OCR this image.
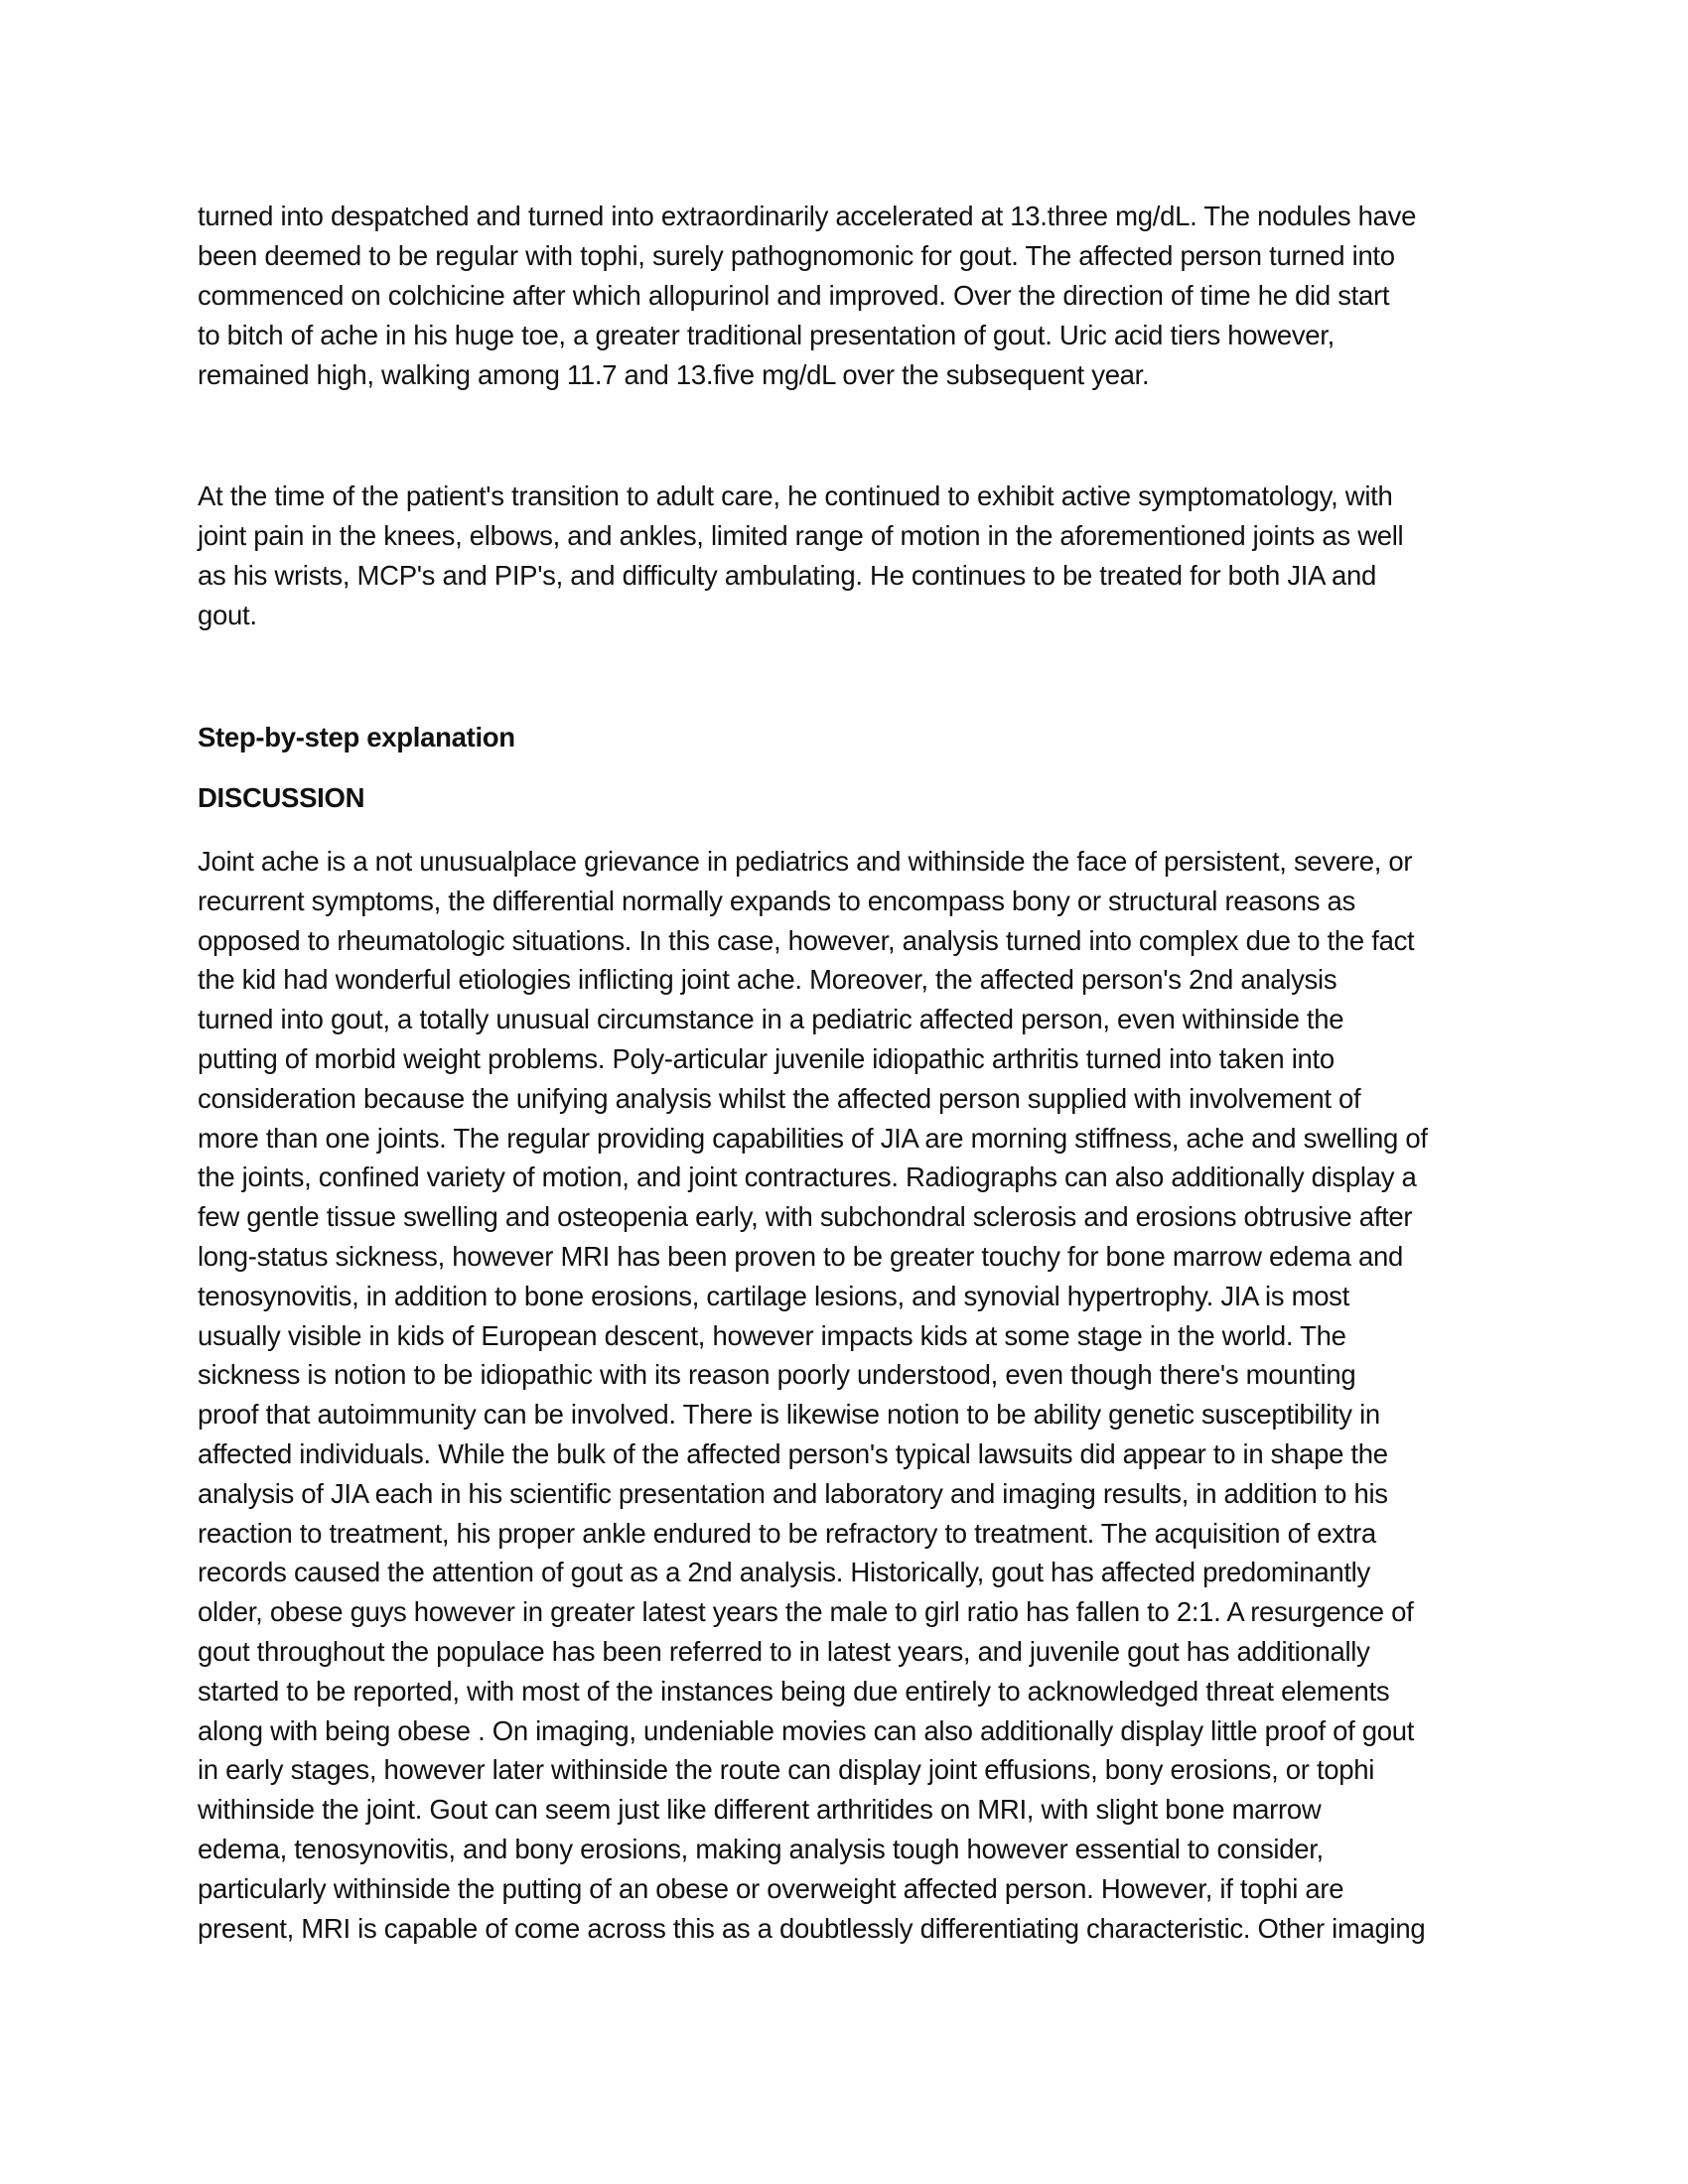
turned into despatched and turned into extraordinarily accelerated at 13.three mg/dL. The nodules have
been deemed to be regular with tophi, surely pathognomonic for gout. The affected person turned into
commenced on colchicine after which allopurinol and improved. Over the direction of time he did start
to bitch of ache in his huge toe, a greater traditional presentation of gout. Uric acid tiers however,
remained high, walking among 11.7 and 13.five mg/dL over the subsequent year.
At the time of the patient's transition to adult care, he continued to exhibit active symptomatology, with
joint pain in the knees, elbows, and ankles, limited range of motion in the aforementioned joints as well
as his wrists, MCP's and PIP's, and difficulty ambulating. He continues to be treated for both JIA and
gout.
Step-by-step explanation
DISCUSSION
Joint ache is a not unusualplace grievance in pediatrics and withinside the face of persistent, severe, or
recurrent symptoms, the differential normally expands to encompass bony or structural reasons as
opposed to rheumatologic situations. In this case, however, analysis turned into complex due to the fact
the kid had wonderful etiologies inflicting joint ache. Moreover, the affected person's 2nd analysis
turned into gout, a totally unusual circumstance in a pediatric affected person, even withinside the
putting of morbid weight problems. Poly-articular juvenile idiopathic arthritis turned into taken into
consideration because the unifying analysis whilst the affected person supplied with involvement of
more than one joints. The regular providing capabilities of JIA are morning stiffness, ache and swelling of
the joints, confined variety of motion, and joint contractures. Radiographs can also additionally display a
few gentle tissue swelling and osteopenia early, with subchondral sclerosis and erosions obtrusive after
long-status sickness, however MRI has been proven to be greater touchy for bone marrow edema and
tenosynovitis, in addition to bone erosions, cartilage lesions, and synovial hypertrophy. JIA is most
usually visible in kids of European descent, however impacts kids at some stage in the world. The
sickness is notion to be idiopathic with its reason poorly understood, even though there's mounting
proof that autoimmunity can be involved. There is likewise notion to be ability genetic susceptibility in
affected individuals. While the bulk of the affected person's typical lawsuits did appear to in shape the
analysis of JIA each in his scientific presentation and laboratory and imaging results, in addition to his
reaction to treatment, his proper ankle endured to be refractory to treatment. The acquisition of extra
records caused the attention of gout as a 2nd analysis. Historically, gout has affected predominantly
older, obese guys however in greater latest years the male to girl ratio has fallen to 2:1. A resurgence of
gout throughout the populace has been referred to in latest years, and juvenile gout has additionally
started to be reported, with most of the instances being due entirely to acknowledged threat elements
along with being obese . On imaging, undeniable movies can also additionally display little proof of gout
in early stages, however later withinside the route can display joint effusions, bony erosions, or tophi
withinside the joint. Gout can seem just like different arthritides on MRI, with slight bone marrow
edema, tenosynovitis, and bony erosions, making analysis tough however essential to consider,
particularly withinside the putting of an obese or overweight affected person. However, if tophi are
present, MRI is capable of come across this as a doubtlessly differentiating characteristic. Other imaging
